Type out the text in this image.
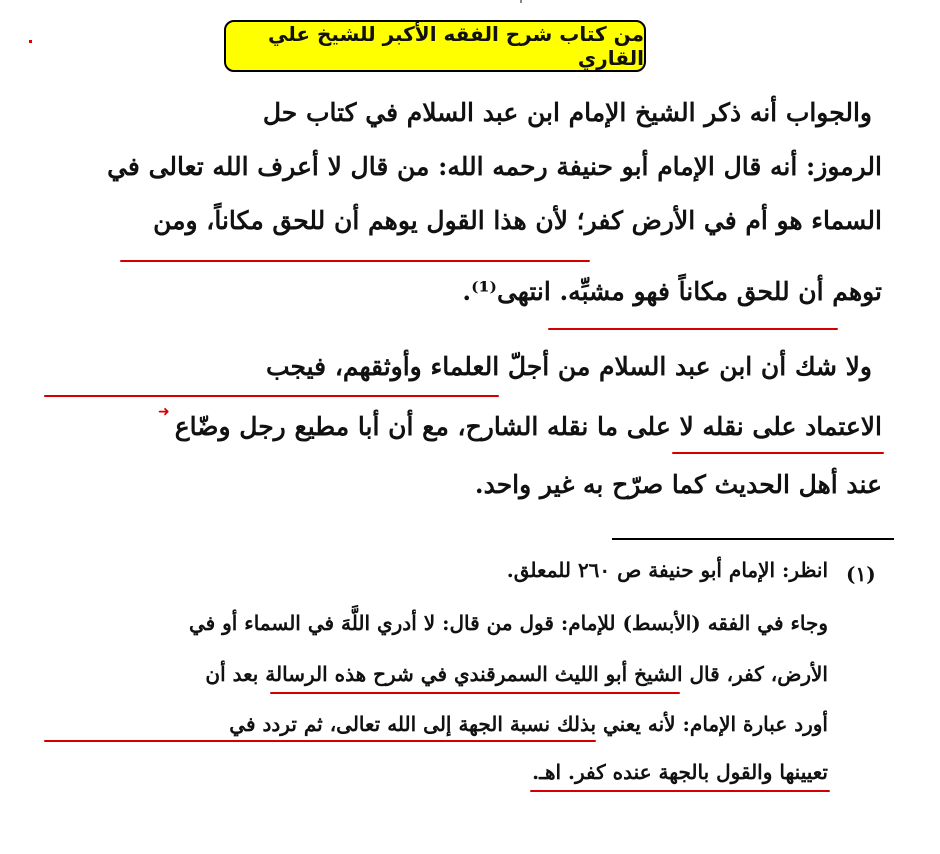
من كتاب شرح الفقه الأكبر للشيخ علي القاري
والجواب أنه ذكر الشيخ الإمام ابن عبد السلام في كتاب حل
الرموز: أنه قال الإمام أبو حنيفة رحمه الله: من قال لا أعرف الله تعالى في
السماء هو أم في الأرض كفر؛ لأن هذا القول يوهم أن للحق مكاناً، ومن
توهم أن للحق مكاناً فهو مشبِّه. انتهى⁽¹⁾.
ولا شك أن ابن عبد السلام من أجلّ العلماء وأوثقهم، فيجب
الاعتماد على نقله لا على ما نقله الشارح، مع أن أبا مطيع رجل وضّاع
عند أهل الحديث كما صرّح به غير واحد.
➜
(١)
انظر: الإمام أبو حنيفة ص ٢٦٠ للمعلق.
وجاء في الفقه (الأبسط) للإمام: قول من قال: لا أدري اللَّهَ في السماء أو في
الأرض، كفر، قال الشيخ أبو الليث السمرقندي في شرح هذه الرسالة بعد أن
أورد عبارة الإمام: لأنه يعني بذلك نسبة الجهة إلى الله تعالى، ثم تردد في
تعيينها والقول بالجهة عنده كفر. اهـ.
